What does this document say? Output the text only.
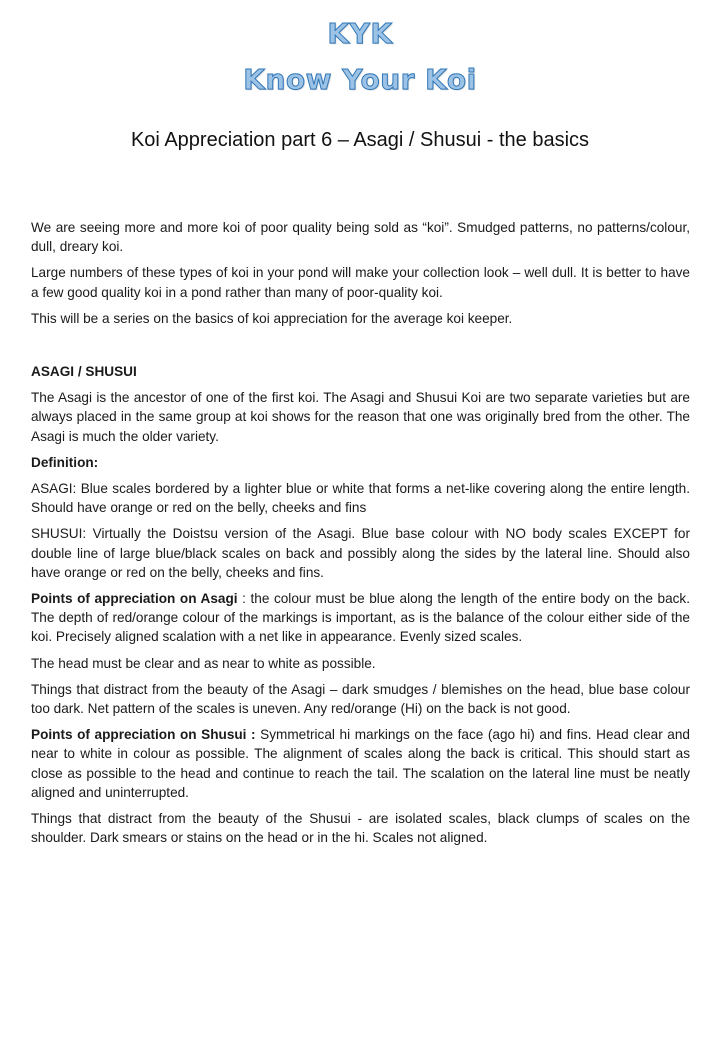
KYK
Know Your Koi
Koi Appreciation part 6 – Asagi / Shusui - the basics

We are seeing more and more koi of poor quality being sold as “koi”. Smudged patterns, no patterns/colour, dull, dreary koi.

Large numbers of these types of koi in your pond will make your collection look – well dull. It is better to have a few good quality koi in a pond rather than many of poor-quality koi.

This will be a series on the basics of koi appreciation for the average koi keeper.

ASAGI / SHUSUI

The Asagi is the ancestor of one of the first koi. The Asagi and Shusui Koi are two separate varieties but are always placed in the same group at koi shows for the reason that one was originally bred from the other. The Asagi is much the older variety.

Definition:

ASAGI: Blue scales bordered by a lighter blue or white that forms a net-like covering along the entire length. Should have orange or red on the belly, cheeks and fins

SHUSUI: Virtually the Doistsu version of the Asagi. Blue base colour with NO body scales EXCEPT for double line of large blue/black scales on back and possibly along the sides by the lateral line. Should also have orange or red on the belly, cheeks and fins.

Points of appreciation on Asagi : the colour must be blue along the length of the entire body on the back. The depth of red/orange colour of the markings is important, as is the balance of the colour either side of the koi. Precisely aligned scalation with a net like in appearance. Evenly sized scales.

The head must be clear and as near to white as possible.

Things that distract from the beauty of the Asagi – dark smudges / blemishes on the head, blue base colour too dark. Net pattern of the scales is uneven. Any red/orange (Hi) on the back is not good.

Points of appreciation on Shusui : Symmetrical hi markings on the face (ago hi) and fins. Head clear and near to white in colour as possible. The alignment of scales along the back is critical. This should start as close as possible to the head and continue to reach the tail. The scalation on the lateral line must be neatly aligned and uninterrupted.

Things that distract from the beauty of the Shusui - are isolated scales, black clumps of scales on the shoulder. Dark smears or stains on the head or in the hi. Scales not aligned.
